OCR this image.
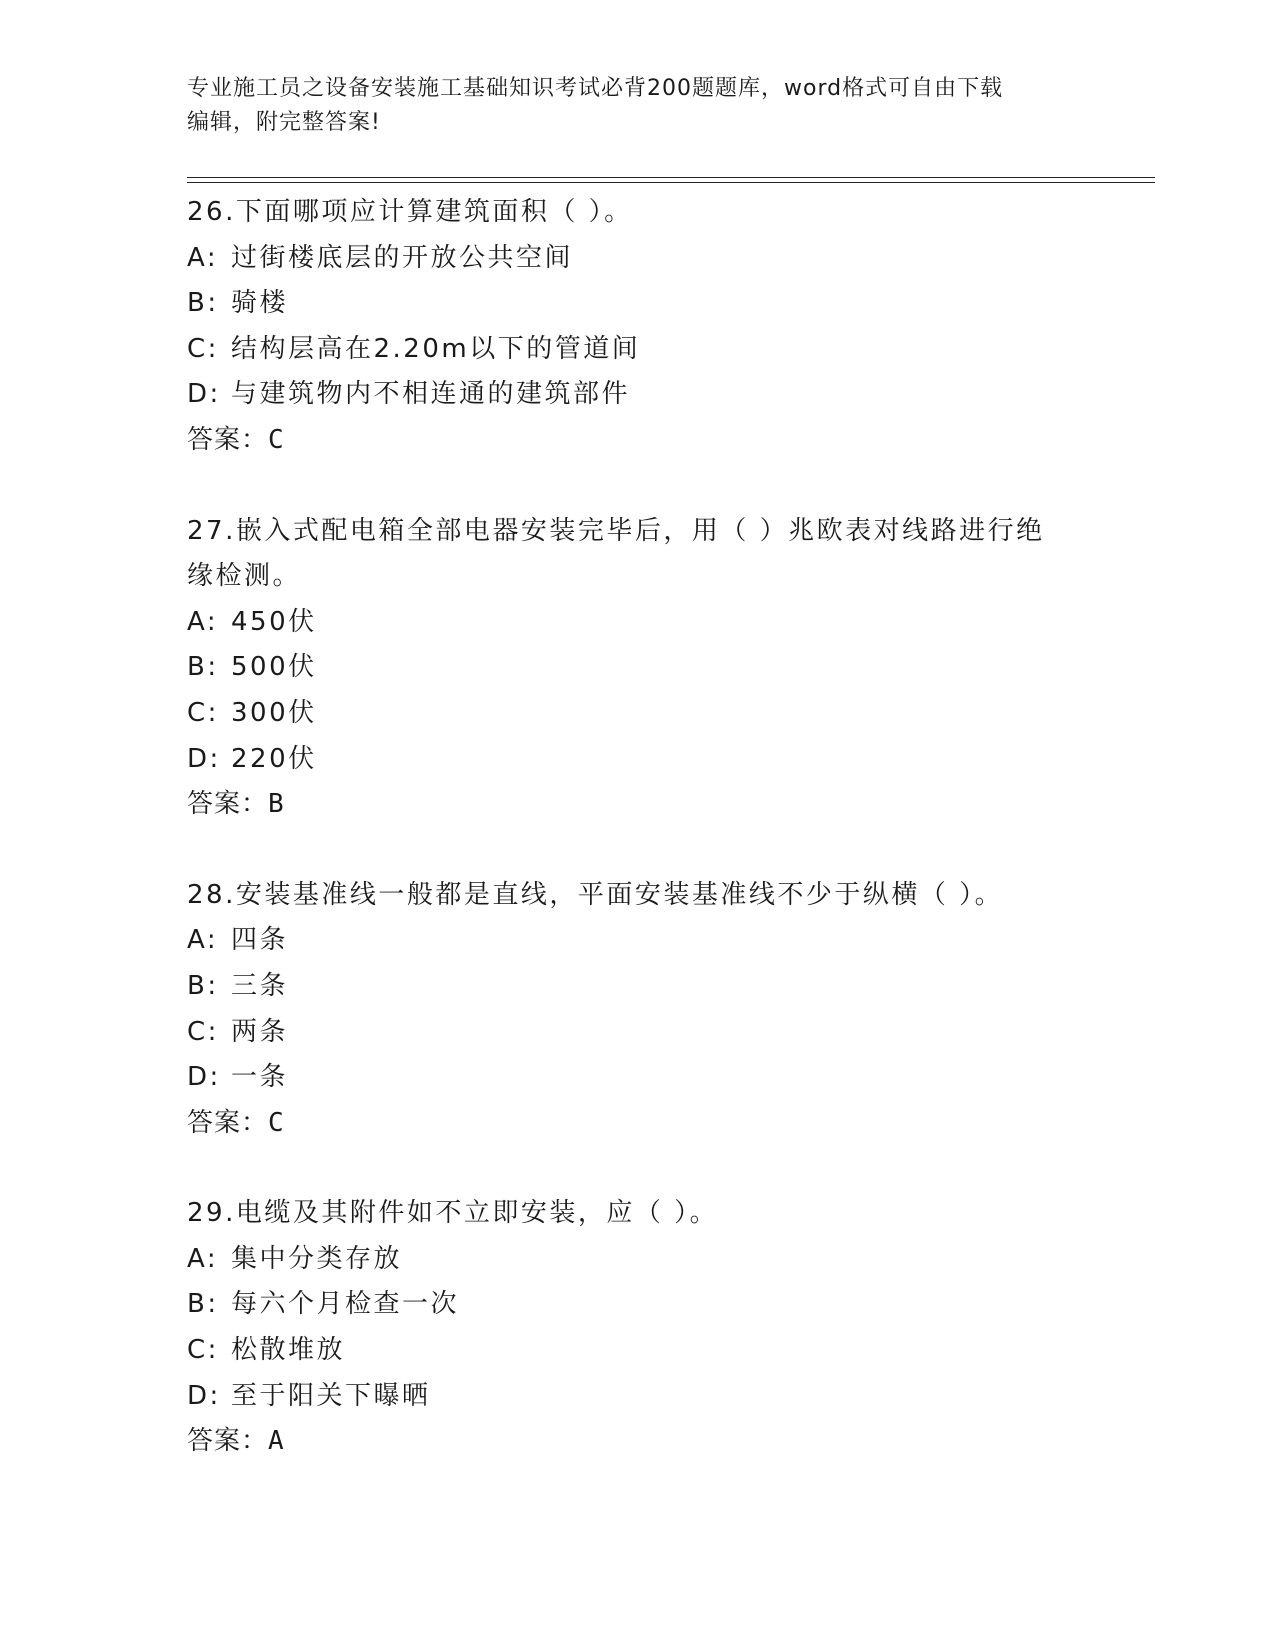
专业施工员之设备安装施工基础知识考试必背200题题库，word格式可自由下载
编辑，附完整答案!
26.下面哪项应计算建筑面积（ ）。
A: 过街楼底层的开放公共空间
B: 骑楼
C: 结构层高在2.20m以下的管道间
D: 与建筑物内不相连通的建筑部件
答案：C
27.嵌入式配电箱全部电器安装完毕后，用（ ）兆欧表对线路进行绝
缘检测。
A: 450伏
B: 500伏
C: 300伏
D: 220伏
答案：B
28.安装基准线一般都是直线，平面安装基准线不少于纵横（ ）。
A: 四条
B: 三条
C: 两条
D: 一条
答案：C
29.电缆及其附件如不立即安装，应（ ）。
A: 集中分类存放
B: 每六个月检查一次
C: 松散堆放
D: 至于阳关下曝晒
答案：A
